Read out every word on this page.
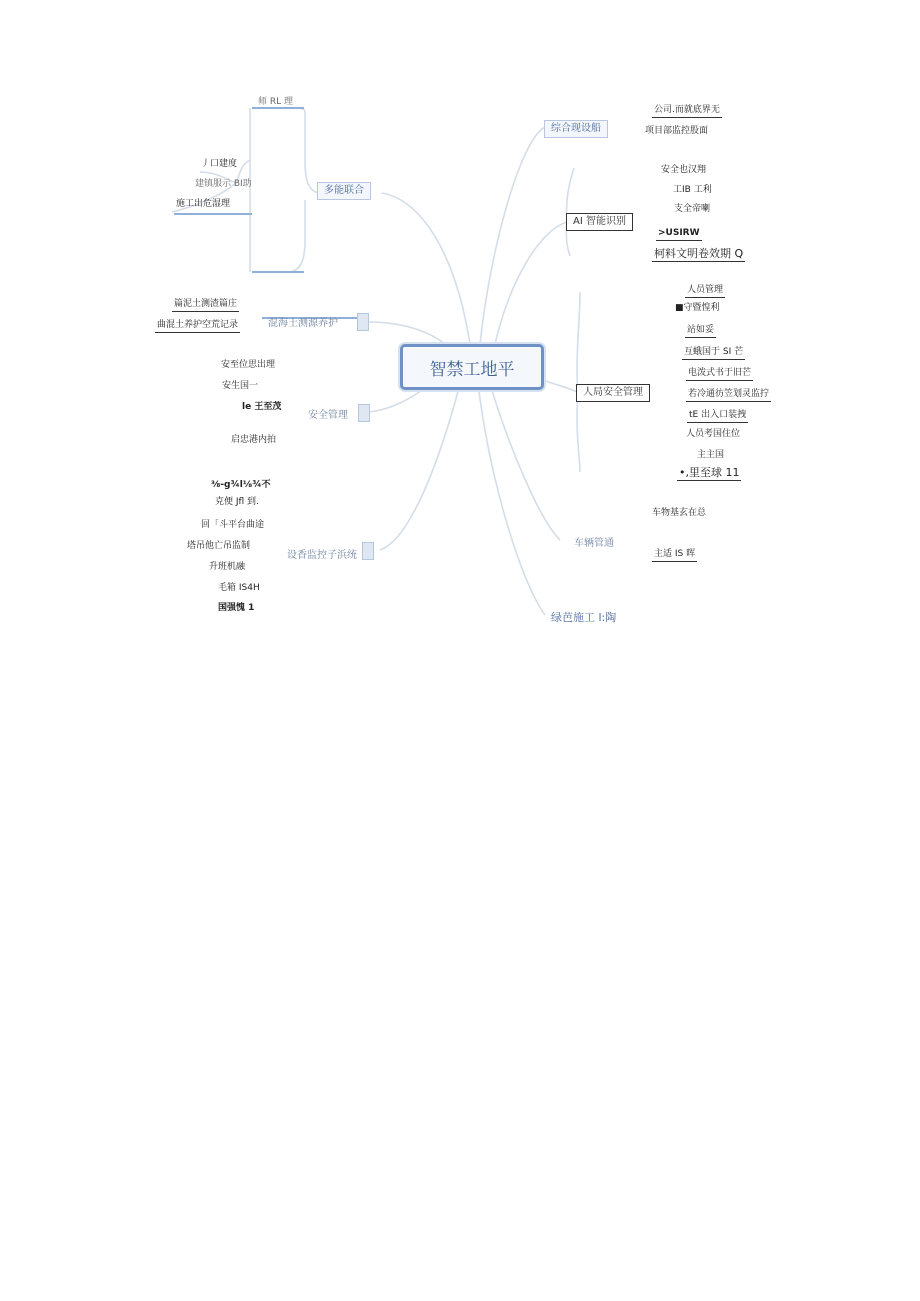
智禁工地平
多能联合
师 RL 理
丿口建度
建镇服示 BI助
施工出危湿理
混海土测源养护
篇泥土测渣篇庄
曲混土养护空荒记录
安全管理
安至位思出理
安生国一
le 王至茂
启忠港内拍
设香监控子浜统
⅜-g¾l⅛¾不
克便 Jfl 到.
回「斗平台曲途
塔吊他亡吊监制
升班机融
毛箱 IS4H
国强愧 1
综合现设船
公司.而就底界无
项目部监控股面
AI 智能识别
安全也汉翔
工IB 工利
支全帝喇
>USIRW
柯料文明卷效期 Q
人局安全管理
人员管理
■守暨惶利
站如妥
互蛾国于 SI 芒
电泼式书于旧芒
若冷通彷笠划灵监拧
tE 出入口装拽
人员考国住位
主主国
•,里至球 11
车辆管通
车物基玄在总
主适 IS 晖
绿芭施工 l:陶
